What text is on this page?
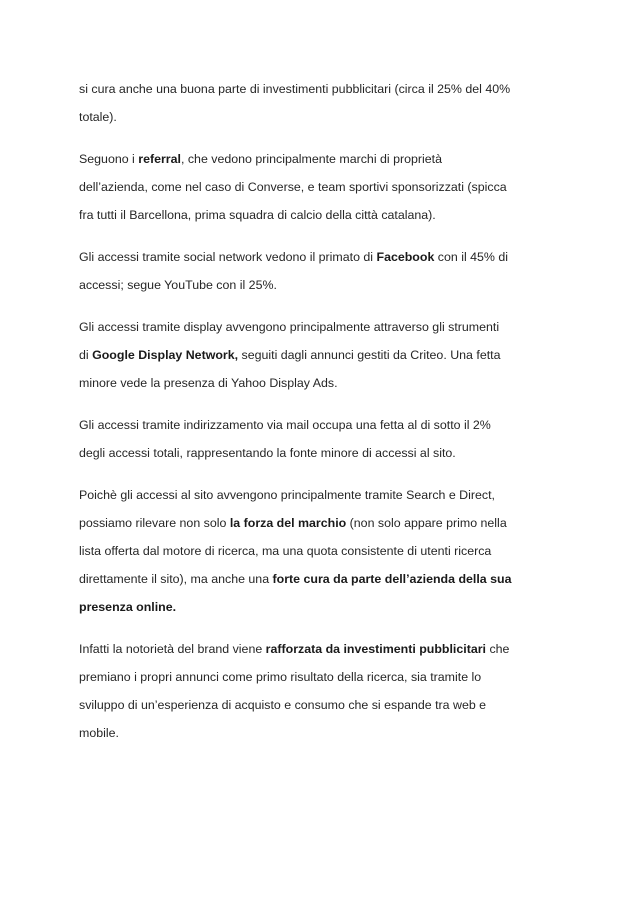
si cura anche una buona parte di investimenti pubblicitari (circa il 25% del 40%
totale).

Seguono i referral, che vedono principalmente marchi di proprietà
dell’azienda, come nel caso di Converse, e team sportivi sponsorizzati (spicca
fra tutti il Barcellona, prima squadra di calcio della città catalana).

Gli accessi tramite social network vedono il primato di Facebook con il 45% di
accessi; segue YouTube con il 25%.

Gli accessi tramite display avvengono principalmente attraverso gli strumenti
di Google Display Network, seguiti dagli annunci gestiti da Criteo. Una fetta
minore vede la presenza di Yahoo Display Ads.

Gli accessi tramite indirizzamento via mail occupa una fetta al di sotto il 2%
degli accessi totali, rappresentando la fonte minore di accessi al sito.

Poichè gli accessi al sito avvengono principalmente tramite Search e Direct,
possiamo rilevare non solo la forza del marchio (non solo appare primo nella
lista offerta dal motore di ricerca, ma una quota consistente di utenti ricerca
direttamente il sito), ma anche una forte cura da parte dell’azienda della sua
presenza online.

Infatti la notorietà del brand viene rafforzata da investimenti pubblicitari che
premiano i propri annunci come primo risultato della ricerca, sia tramite lo
sviluppo di un’esperienza di acquisto e consumo che si espande tra web e
mobile.
